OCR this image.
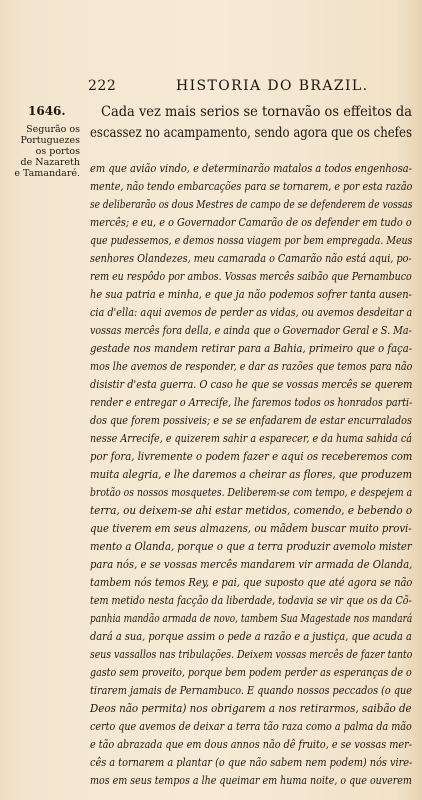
222	HISTORIA DO BRAZIL.
1646.
Segurão os
Portuguezes
os portos
de Nazareth
e Tamandaré.
Cada vez mais serios se tornavão os effeitos da
escassez no acampamento, sendo agora que os chefes
em que avião vindo, e determinarão matalos a todos engenhosa-
mente, não tendo embarcações para se tornarem, e por esta razão
se deliberarão os dous Mestres de campo de se defenderem de vossas
mercês; e eu, e o Governador Camarão de os defender em tudo o
que pudessemos, e demos nossa viagem por bem empregada. Meus
senhores Olandezes, meu camarada o Camarão não está aqui, po-
rem eu respôdo por ambos. Vossas mercês saibão que Pernambuco
he sua patria e minha, e que ja não podemos sofrer tanta ausen-
cia d'ella: aqui avemos de perder as vidas, ou avemos desdeitar a
vossas mercês fora della, e ainda que o Governador Geral e S. Ma-
gestade nos mandem retirar para a Bahia, primeiro que o faça-
mos lhe avemos de responder, e dar as razões que temos para não
disistir d'esta guerra. O caso he que se vossas mercês se querem
render e entregar o Arrecife, lhe faremos todos os honrados parti-
dos que forem possiveis; e se se enfadarem de estar encurralados
nesse Arrecife, e quizerem sahir a esparecer, e da huma sahida cá
por fora, livremente o podem fazer e aqui os receberemos com
muita alegria, e lhe daremos a cheirar as flores, que produzem
brotão os nossos mosquetes. Deliberem-se com tempo, e despejem a
terra, ou deixem-se ahi estar metidos, comendo, e bebendo o
que tiverem em seus almazens, ou mãdem buscar muito provi-
mento a Olanda, porque o que a terra produzir avemolo mister
para nós, e se vossas mercês mandarem vir armada de Olanda,
tambem nós temos Rey, e pai, que suposto que até agora se não
tem metido nesta facção da liberdade, todavia se vir que os da Cõ-
panhia mandão armada de novo, tambem Sua Magestade nos mandará
dará a sua, porque assim o pede a razão e a justiça, que acuda a
seus vassallos nas tribulações. Deixem vossas mercês de fazer tanto
gasto sem proveito, porque bem podem perder as esperanças de o
tirarem jamais de Pernambuco. E quando nossos peccados (o que
Deos não permita) nos obrigarem a nos retirarmos, saibão de
certo que avemos de deixar a terra tão raza como a palma da mão
e tão abrazada que em dous annos não dê fruito, e se vossas mer-
cês a tornarem a plantar (o que não sabem nem podem) nós vire-
mos em seus tempos a lhe queimar em huma noite, o que ouverem
